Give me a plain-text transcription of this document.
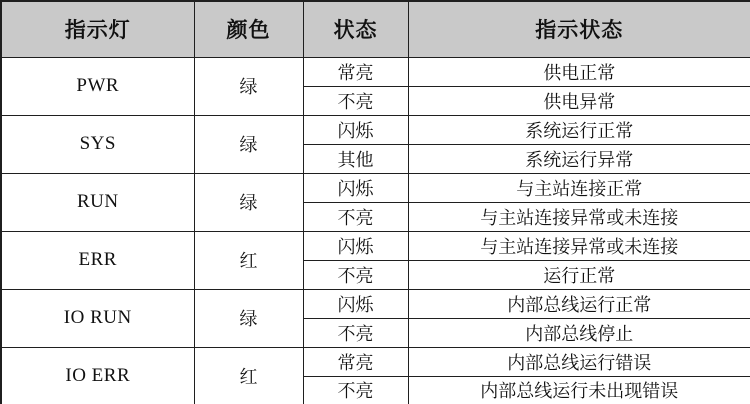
指示灯	颜色	状态	指示状态
PWR	绿	常亮	供电正常
		不亮	供电异常
SYS	绿	闪烁	系统运行正常
		其他	系统运行异常
RUN	绿	闪烁	与主站连接正常
		不亮	与主站连接异常或未连接
ERR	红	闪烁	与主站连接异常或未连接
		不亮	运行正常
IO RUN	绿	闪烁	内部总线运行正常
		不亮	内部总线停止
IO ERR	红	常亮	内部总线运行错误
		不亮	内部总线运行未出现错误
